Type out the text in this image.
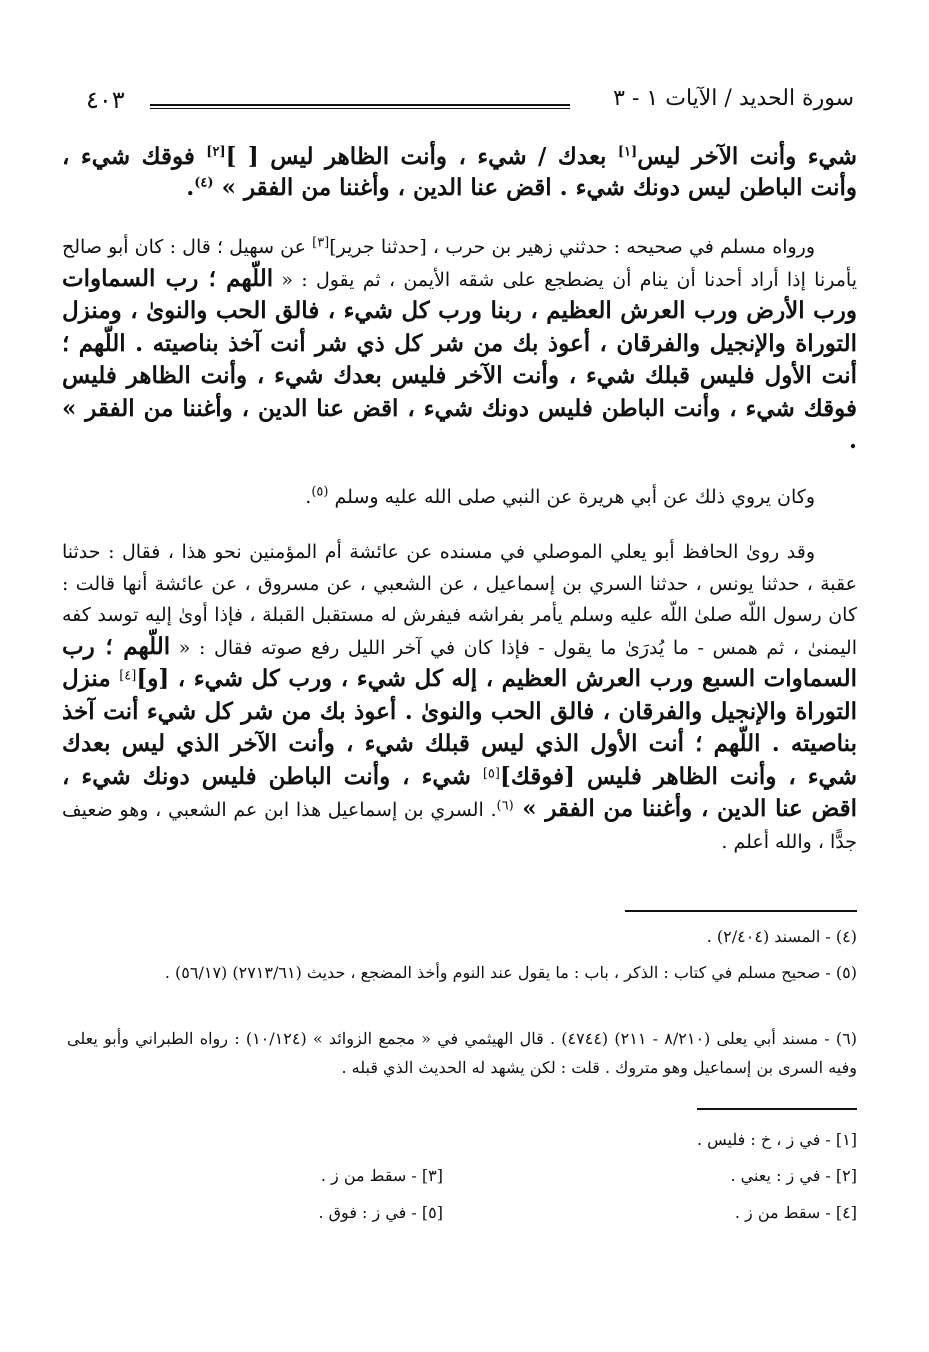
سورة الحديد / الآيات ١ - ٣
٤٠٣
شيء وأنت الآخر ليس[١] بعدك / شيء ، وأنت الظاهر ليس [ ][٢] فوقك شيء ، وأنت الباطن ليس دونك شيء . اقض عنا الدين ، وأغننا من الفقر » $^{(٤)}$.
ورواه مسلم في صحيحه : حدثني زهير بن حرب ، [حدثنا جرير][٣] عن سهيل ؛ قال : كان أبو صالح يأمرنا إذا أراد أحدنا أن ينام أن يضطجع على شقه الأيمن ، ثم يقول : « اللّهم ؛ رب السماوات ورب الأرض ورب العرش العظيم ، ربنا ورب كل شيء ، فالق الحب والنوىٰ ، ومنزل التوراة والإنجيل والفرقان ، أعوذ بك من شر كل ذي شر أنت آخذ بناصيته . اللّهم ؛ أنت الأول فليس قبلك شيء ، وأنت الآخر فليس بعدك شيء ، وأنت الظاهر فليس فوقك شيء ، وأنت الباطن فليس دونك شيء ، اقض عنا الدين ، وأغننا من الفقر » .
وكان يروي ذلك عن أبي هريرة عن النبي صلى الله عليه وسلم $^{(٥)}$.
وقد روىٰ الحافظ أبو يعلي الموصلي في مسنده عن عائشة أم المؤمنين نحو هذا ، فقال : حدثنا عقبة ، حدثنا يونس ، حدثنا السري بن إسماعيل ، عن الشعبي ، عن مسروق ، عن عائشة أنها قالت : كان رسول اللّه صلىٰ اللّه عليه وسلم يأمر بفراشه فيفرش له مستقبل القبلة ، فإذا أوىٰ إليه توسد كفه اليمنىٰ ، ثم همس - ما يُدرَىٰ ما يقول - فإذا كان في آخر الليل رفع صوته فقال : « اللّهم ؛ رب السماوات السبع ورب العرش العظيم ، إله كل شيء ، ورب كل شيء ، [و][٤] منزل التوراة والإنجيل والفرقان ، فالق الحب والنوىٰ . أعوذ بك من شر كل شيء أنت آخذ بناصيته . اللّهم ؛ أنت الأول الذي ليس قبلك شيء ، وأنت الآخر الذي ليس بعدك شيء ، وأنت الظاهر فليس [فوقك][٥] شيء ، وأنت الباطن فليس دونك شيء ، اقض عنا الدين ، وأغننا من الفقر » $^{(٦)}$. السري بن إسماعيل هذا ابن عم الشعبي ، وهو ضعيف جدًّا ، والله أعلم .
(٤) - المسند (٢/٤٠٤) .
(٥) - صحيح مسلم في كتاب : الذكر ، باب : ما يقول عند النوم وأخذ المضجع ، حديث (٢٧١٣/٦١) (٥٦/١٧) .
(٦) - مسند أبي يعلى (٨/٢١٠ - ٢١١) (٤٧٤٤) . قال الهيثمي في « مجمع الزوائد » (١٠/١٢٤) : رواه الطبراني وأبو يعلى وفيه السرى بن إسماعيل وهو متروك . قلت : لكن يشهد له الحديث الذي قبله .
[١] - في ز ، خ : فليس .
[٢] - في ز : يعني .
[٣] - سقط من ز .
[٤] - سقط من ز .
[٥] - في ز : فوق .
